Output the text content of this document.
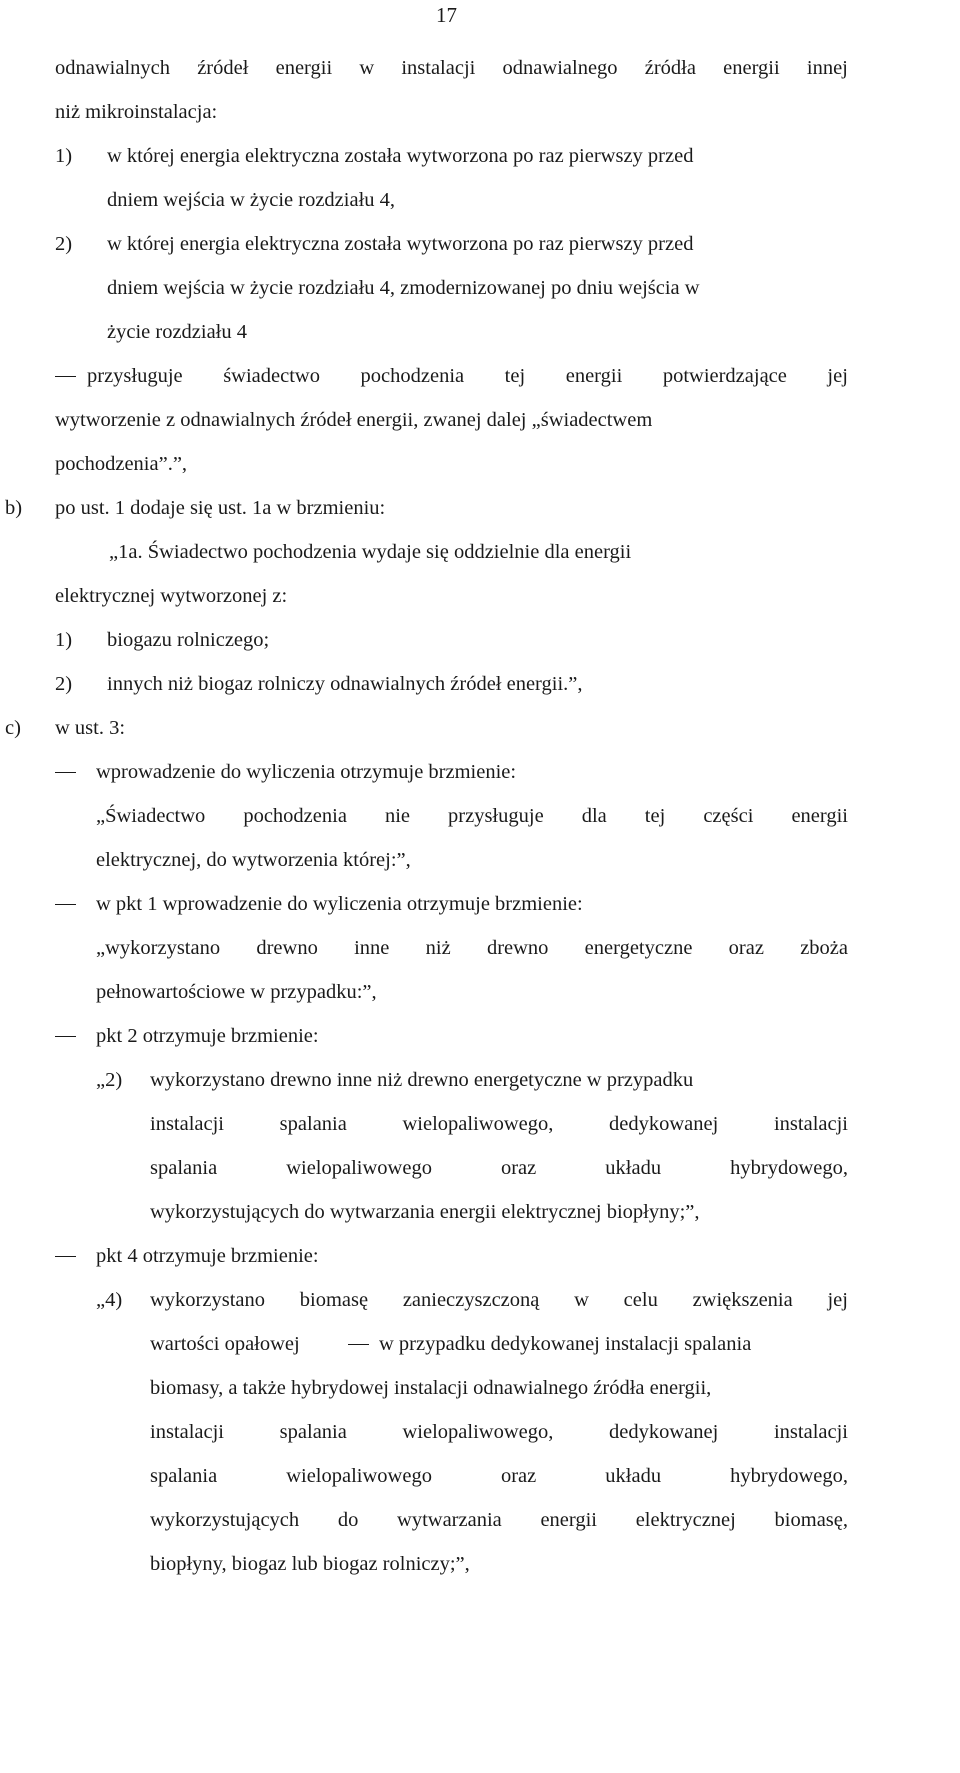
17
odnawialnych źródeł energii w instalacji odnawialnego źródła energii innej
niż mikroinstalacja:
1) w której energia elektryczna została wytworzona po raz pierwszy przed
dniem wejścia w życie rozdziału 4,
2) w której energia elektryczna została wytworzona po raz pierwszy przed
dniem wejścia w życie rozdziału 4, zmodernizowanej po dniu wejścia w
życie rozdziału 4
przysługuje świadectwo pochodzenia tej energii potwierdzające jej
wytworzenie z odnawialnych źródeł energii, zwanej dalej „świadectwem
pochodzenia”.”,
b) po ust. 1 dodaje się ust. 1a w brzmieniu:
„1a. Świadectwo pochodzenia wydaje się oddzielnie dla energii
elektrycznej wytworzonej z:
1) biogazu rolniczego;
2) innych niż biogaz rolniczy odnawialnych źródeł energii.”,
c) w ust. 3:
wprowadzenie do wyliczenia otrzymuje brzmienie:
„Świadectwo pochodzenia nie przysługuje dla tej części energii
elektrycznej, do wytworzenia której:”,
w pkt 1 wprowadzenie do wyliczenia otrzymuje brzmienie:
„wykorzystano drewno inne niż drewno energetyczne oraz zboża
pełnowartościowe w przypadku:”,
pkt 2 otrzymuje brzmienie:
„2) wykorzystano drewno inne niż drewno energetyczne w przypadku
instalacji	spalania	wielopaliwowego,	dedykowanej	instalacji
spalania	wielopaliwowego	oraz	układu	hybrydowego,
wykorzystujących do wytwarzania energii elektrycznej biopłyny;”,
pkt 4 otrzymuje brzmienie:
„4) wykorzystano biomasę zanieczyszczoną w celu zwiększenia jej
wartości opałowej	w przypadku dedykowanej instalacji spalania
biomasy, a także hybrydowej instalacji odnawialnego źródła energii,
instalacji	spalania	wielopaliwowego,	dedykowanej	instalacji
spalania	wielopaliwowego	oraz	układu	hybrydowego,
wykorzystujących do wytwarzania energii elektrycznej biomasę,
biopłyny, biogaz lub biogaz rolniczy;”,
